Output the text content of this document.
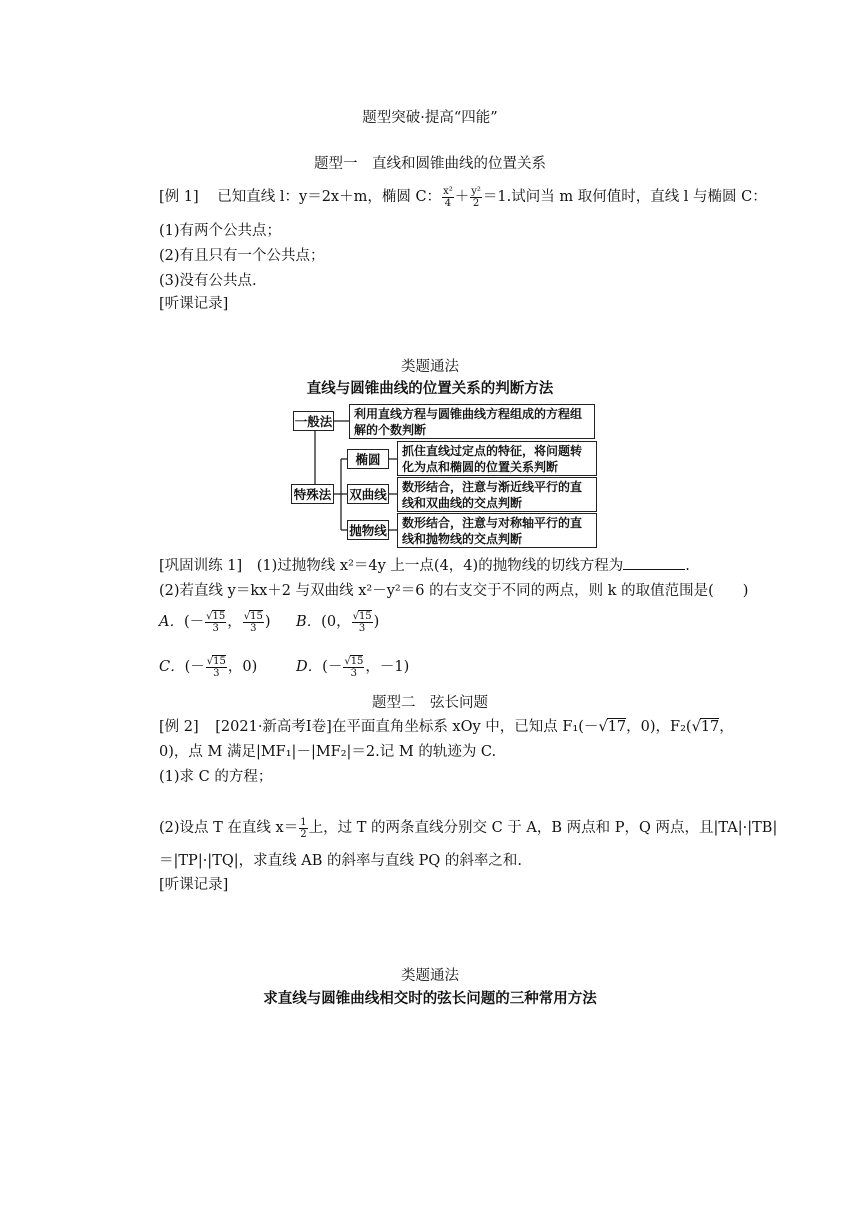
题型突破·提高“四能”
题型一　直线和圆锥曲线的位置关系
[例 1] 已知直线 l：y＝2x＋m，椭圆 C： $\frac{\text{x²}}{4} + \frac{\text{y²}}{2} =1$.试问当 m 取何值时，直线 l 与椭圆 C：
(1)有两个公共点；
(2)有且只有一个公共点；
(3)没有公共点.
[听课记录]
类题通法
直线与圆锥曲线的位置关系的判断方法
一般法 利用直线方程与圆锥曲线方程组成的方程组
解的个数判断
特殊法
椭圆
抓住直线过定点的特征，将问题转
化为点和椭圆的位置关系判断
双曲线 数形结合，注意与渐近线平行的直
线和双曲线的交点判断
抛物线 数形结合，注意与对称轴平行的直
线和抛物线的交点判断
[巩固训练 1] (1)过抛物线 x²＝4y 上一点(4，4)的抛物线的切线方程为	.
(2)若直线 y＝kx＋2 与双曲线 x²－y²＝6 的右支交于不同的两点，则 k 的取值范围是(　　)
A．(－ $\frac{√15}{3}$ ， $\frac{√15}{3}$ ) B．(0， $\frac{√15}{3}$ )
C．(－ $\frac{√15}{3}$ ，0)	D．(－ $\frac{√15}{3}$ ，－1)
题型二　弦长问题
[例 2] [2021·新高考Ⅰ卷]在平面直角坐标系 xOy 中，已知点 F₁(－√17，0)，F₂(√17，
0)，点 M 满足|MF₁|－|MF₂|＝2.记 M 的轨迹为 C.
(1)求 C 的方程；
(2)设点 T 在直线 $x= \frac{1}{2}$ 上，过 T 的两条直线分别交 C 于 A，B 两点和 P，Q 两点，且|TA|·|TB|
＝|TP|·|TQ|，求直线 AB 的斜率与直线 PQ 的斜率之和.
[听课记录]
类题通法
求直线与圆锥曲线相交时的弦长问题的三种常用方法
